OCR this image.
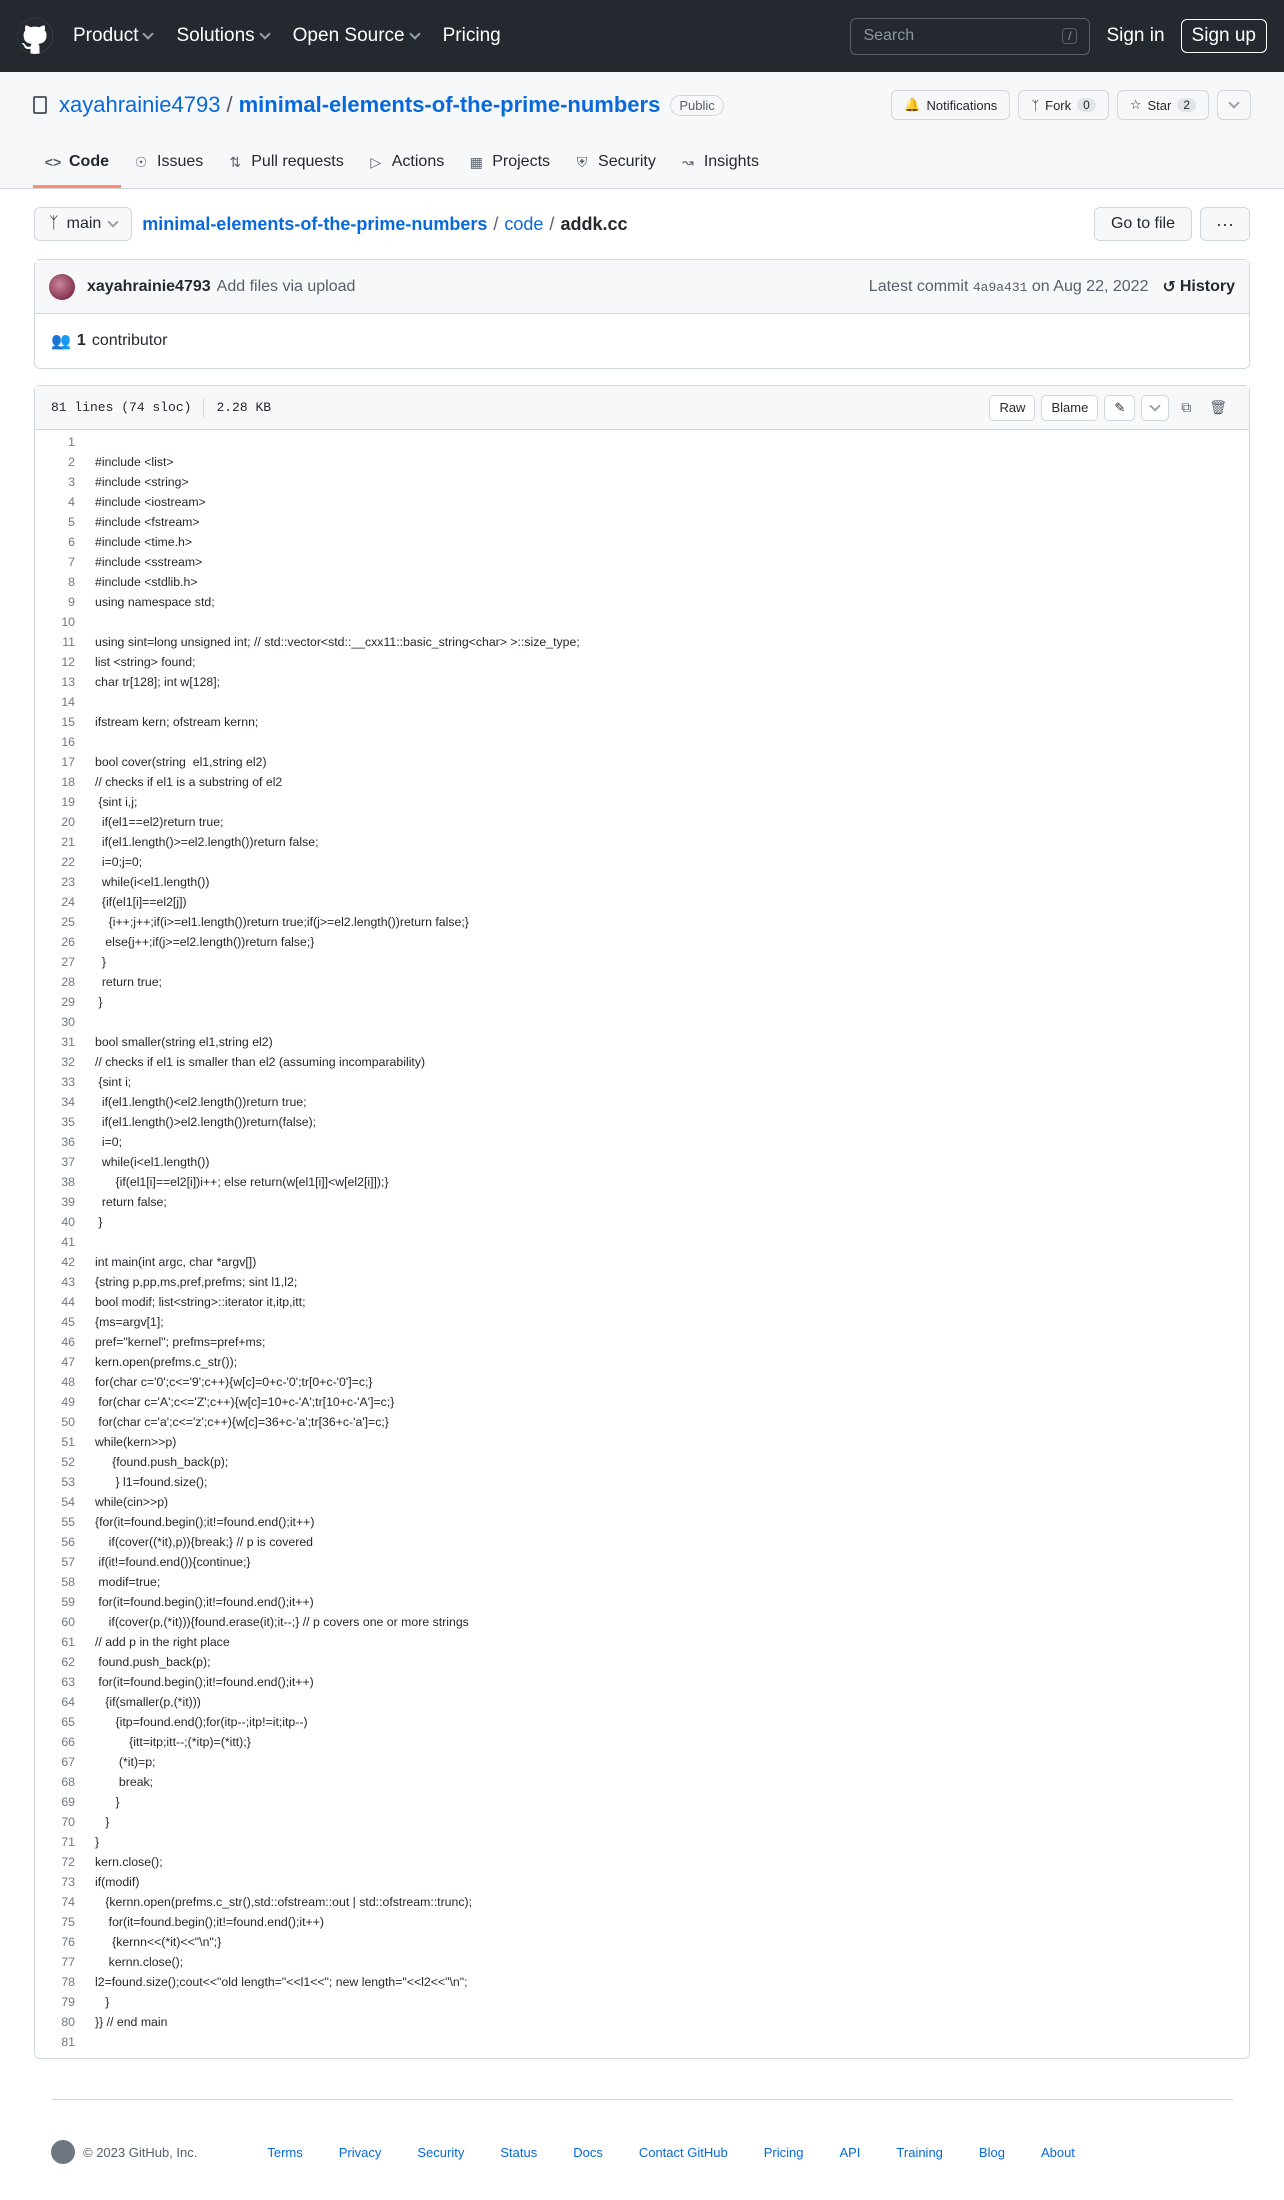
Product Solutions Open Source Pricing	Search	/	Sign in	Sign up
xayahrainie4793 / minimal-elements-of-the-prime-numbers	Public	🔔 Notifications	ᛉ Fork	0	☆ Star	2
<> Code ☉ Issues ⇅ Pull requests ▷ Actions ▦ Projects ⛨ Security ↝ Insights
ᛉ main minimal-elements-of-the-prime-numbers / code / addk.cc	Go to file	···
xayahrainie4793 Add files via upload	Latest commit 4a9a431 on Aug 22, 2022 ↺ History
👥 1 contributor
81 lines (74 sloc) 2.28 KB	Raw	Blame	✎	⧉ 🗑
1
2	#include <list>
3	#include <string>
4	#include <iostream>
5	#include <fstream>
6	#include <time.h>
7	#include <sstream>
8	#include <stdlib.h>
9	using namespace std;
10
11	using sint=long unsigned int; // std::vector<std::__cxx11::basic_string<char> >::size_type;
12	list <string> found;
13	char tr[128]; int w[128];
14
15	ifstream kern; ofstream kernn;
16
17	bool cover(string  el1,string el2)
18	// checks if el1 is a substring of el2
19	{sint i,j;
20	if(el1==el2)return true;
21	if(el1.length()>=el2.length())return false;
22	i=0;j=0;
23	while(i<el1.length())
24	{if(el1[i]==el2[j])
25	{i++;j++;if(i>=el1.length())return true;if(j>=el2.length())return false;}
26	else{j++;if(j>=el2.length())return false;}
27	}
28	return true;
29	}
30
31	bool smaller(string el1,string el2)
32	// checks if el1 is smaller than el2 (assuming incomparability)
33	{sint i;
34	if(el1.length()<el2.length())return true;
35	if(el1.length()>el2.length())return(false);
36	i=0;
37	while(i<el1.length())
38	{if(el1[i]==el2[i])i++; else return(w[el1[i]]<w[el2[i]]);}
39	return false;
40	}
41
42	int main(int argc, char *argv[])
43	{string p,pp,ms,pref,prefms; sint l1,l2;
44	bool modif; list<string>::iterator it,itp,itt;
45	{ms=argv[1];
46	pref="kernel"; prefms=pref+ms;
47	kern.open(prefms.c_str());
48	for(char c='0';c<='9';c++){w[c]=0+c-'0';tr[0+c-'0']=c;}
49	for(char c='A';c<='Z';c++){w[c]=10+c-'A';tr[10+c-'A']=c;}
50	for(char c='a';c<='z';c++){w[c]=36+c-'a';tr[36+c-'a']=c;}
51	while(kern>>p)
52	{found.push_back(p);
53	} l1=found.size();
54	while(cin>>p)
55	{for(it=found.begin();it!=found.end();it++)
56	if(cover((*it),p)){break;} // p is covered
57	if(it!=found.end()){continue;}
58	modif=true;
59	for(it=found.begin();it!=found.end();it++)
60	if(cover(p,(*it))){found.erase(it);it--;} // p covers one or more strings
61	// add p in the right place
62	found.push_back(p);
63	for(it=found.begin();it!=found.end();it++)
64	{if(smaller(p,(*it)))
65	{itp=found.end();for(itp--;itp!=it;itp--)
66	{itt=itp;itt--;(*itp)=(*itt);}
67	(*it)=p;
68	break;
69	}
70	}
71	}
72	kern.close();
73	if(modif)
74	{kernn.open(prefms.c_str(),std::ofstream::out | std::ofstream::trunc);
75	for(it=found.begin();it!=found.end();it++)
76	{kernn<<(*it)<<"\n";}
77	kernn.close();
78	l2=found.size();cout<<"old length="<<l1<<"; new length="<<l2<<"\n";
79	}
80	}} // end main
81
© 2023 GitHub, Inc.	Terms	Privacy	Security	Status	Docs	Contact GitHub	Pricing	API	Training	Blog	About
